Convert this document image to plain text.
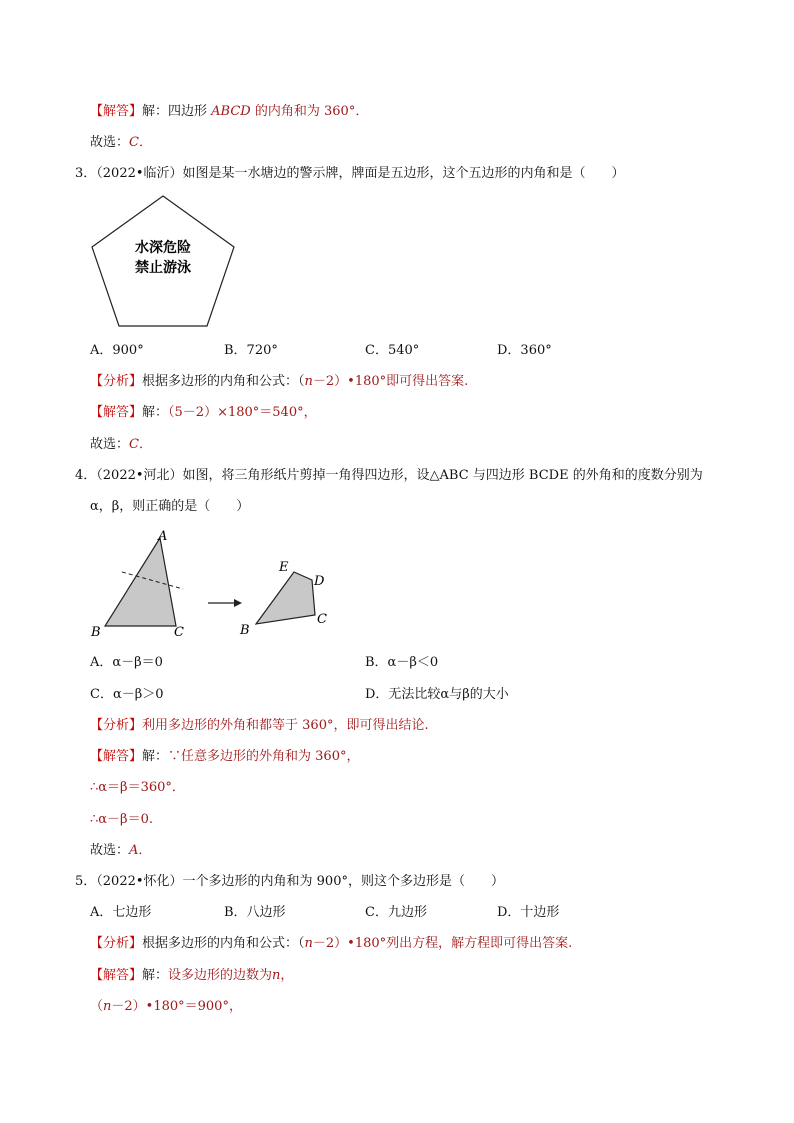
【解答】解：四边形 ABCD 的内角和为 360°．
故选：C．
3．（2022•临沂）如图是某一水塘边的警示牌，牌面是五边形，这个五边形的内角和是（　　）
水深危险
禁止游泳
A．900°	B．720°	C．540°	D．360°
【分析】根据多边形的内角和公式：（n－2）•180°即可得出答案.
【解答】解：（5－2）×180°＝540°，
故选：C．
4．（2022•河北）如图，将三角形纸片剪掉一角得四边形，设△ABC 与四边形 BCDE 的外角和的度数分别为
α，β，则正确的是（　　）
A
B	C
E
D
C
B
A．α－β＝0	B．α－β＜0
C．α－β＞0	D．无法比较α与β的大小
【分析】利用多边形的外角和都等于 360°，即可得出结论.
【解答】解：∵任意多边形的外角和为 360°，
∴α＝β＝360°．
∴α－β＝0.
故选：A．
5．（2022•怀化）一个多边形的内角和为 900°，则这个多边形是（　　）
A．七边形	B．八边形	C．九边形	D．十边形
【分析】根据多边形的内角和公式：（n－2）•180°列出方程，解方程即可得出答案.
【解答】解：设多边形的边数为n，
（n－2）•180°＝900°，
